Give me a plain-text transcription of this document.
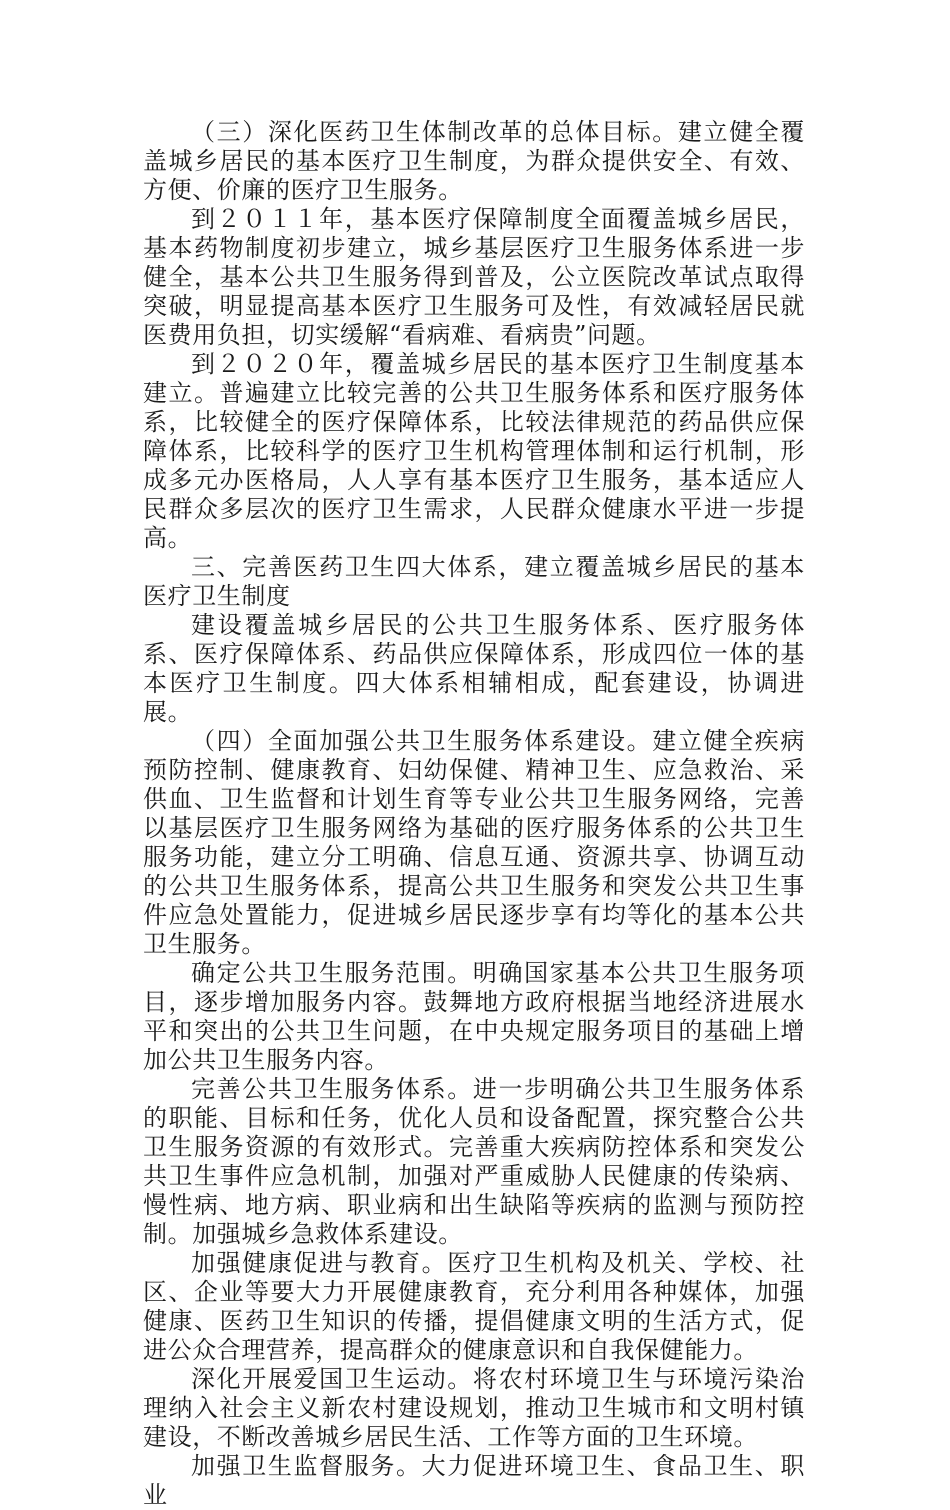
（三）深化医药卫生体制改革的总体目标。建立健全覆盖城乡居民的基本医疗卫生制度，为群众提供安全、有效、方便、价廉的医疗卫生服务。

到２０１１年，基本医疗保障制度全面覆盖城乡居民，基本药物制度初步建立，城乡基层医疗卫生服务体系进一步健全，基本公共卫生服务得到普及，公立医院改革试点取得突破，明显提高基本医疗卫生服务可及性，有效减轻居民就医费用负担，切实缓解“看病难、看病贵”问题。

到２０２０年，覆盖城乡居民的基本医疗卫生制度基本建立。普遍建立比较完善的公共卫生服务体系和医疗服务体系，比较健全的医疗保障体系，比较法律规范的药品供应保障体系，比较科学的医疗卫生机构管理体制和运行机制，形成多元办医格局，人人享有基本医疗卫生服务，基本适应人民群众多层次的医疗卫生需求，人民群众健康水平进一步提高。

三、完善医药卫生四大体系，建立覆盖城乡居民的基本医疗卫生制度

建设覆盖城乡居民的公共卫生服务体系、医疗服务体系、医疗保障体系、药品供应保障体系，形成四位一体的基本医疗卫生制度。四大体系相辅相成，配套建设，协调进展。

（四）全面加强公共卫生服务体系建设。建立健全疾病预防控制、健康教育、妇幼保健、精神卫生、应急救治、采供血、卫生监督和计划生育等专业公共卫生服务网络，完善以基层医疗卫生服务网络为基础的医疗服务体系的公共卫生服务功能，建立分工明确、信息互通、资源共享、协调互动的公共卫生服务体系，提高公共卫生服务和突发公共卫生事件应急处置能力，促进城乡居民逐步享有均等化的基本公共卫生服务。

确定公共卫生服务范围。明确国家基本公共卫生服务项目，逐步增加服务内容。鼓舞地方政府根据当地经济进展水平和突出的公共卫生问题，在中央规定服务项目的基础上增加公共卫生服务内容。

完善公共卫生服务体系。进一步明确公共卫生服务体系的职能、目标和任务，优化人员和设备配置，探究整合公共卫生服务资源的有效形式。完善重大疾病防控体系和突发公共卫生事件应急机制，加强对严重威胁人民健康的传染病、慢性病、地方病、职业病和出生缺陷等疾病的监测与预防控制。加强城乡急救体系建设。

加强健康促进与教育。医疗卫生机构及机关、学校、社区、企业等要大力开展健康教育，充分利用各种媒体，加强健康、医药卫生知识的传播，提倡健康文明的生活方式，促进公众合理营养，提高群众的健康意识和自我保健能力。

深化开展爱国卫生运动。将农村环境卫生与环境污染治理纳入社会主义新农村建设规划，推动卫生城市和文明村镇建设，不断改善城乡居民生活、工作等方面的卫生环境。

加强卫生监督服务。大力促进环境卫生、食品卫生、职业
